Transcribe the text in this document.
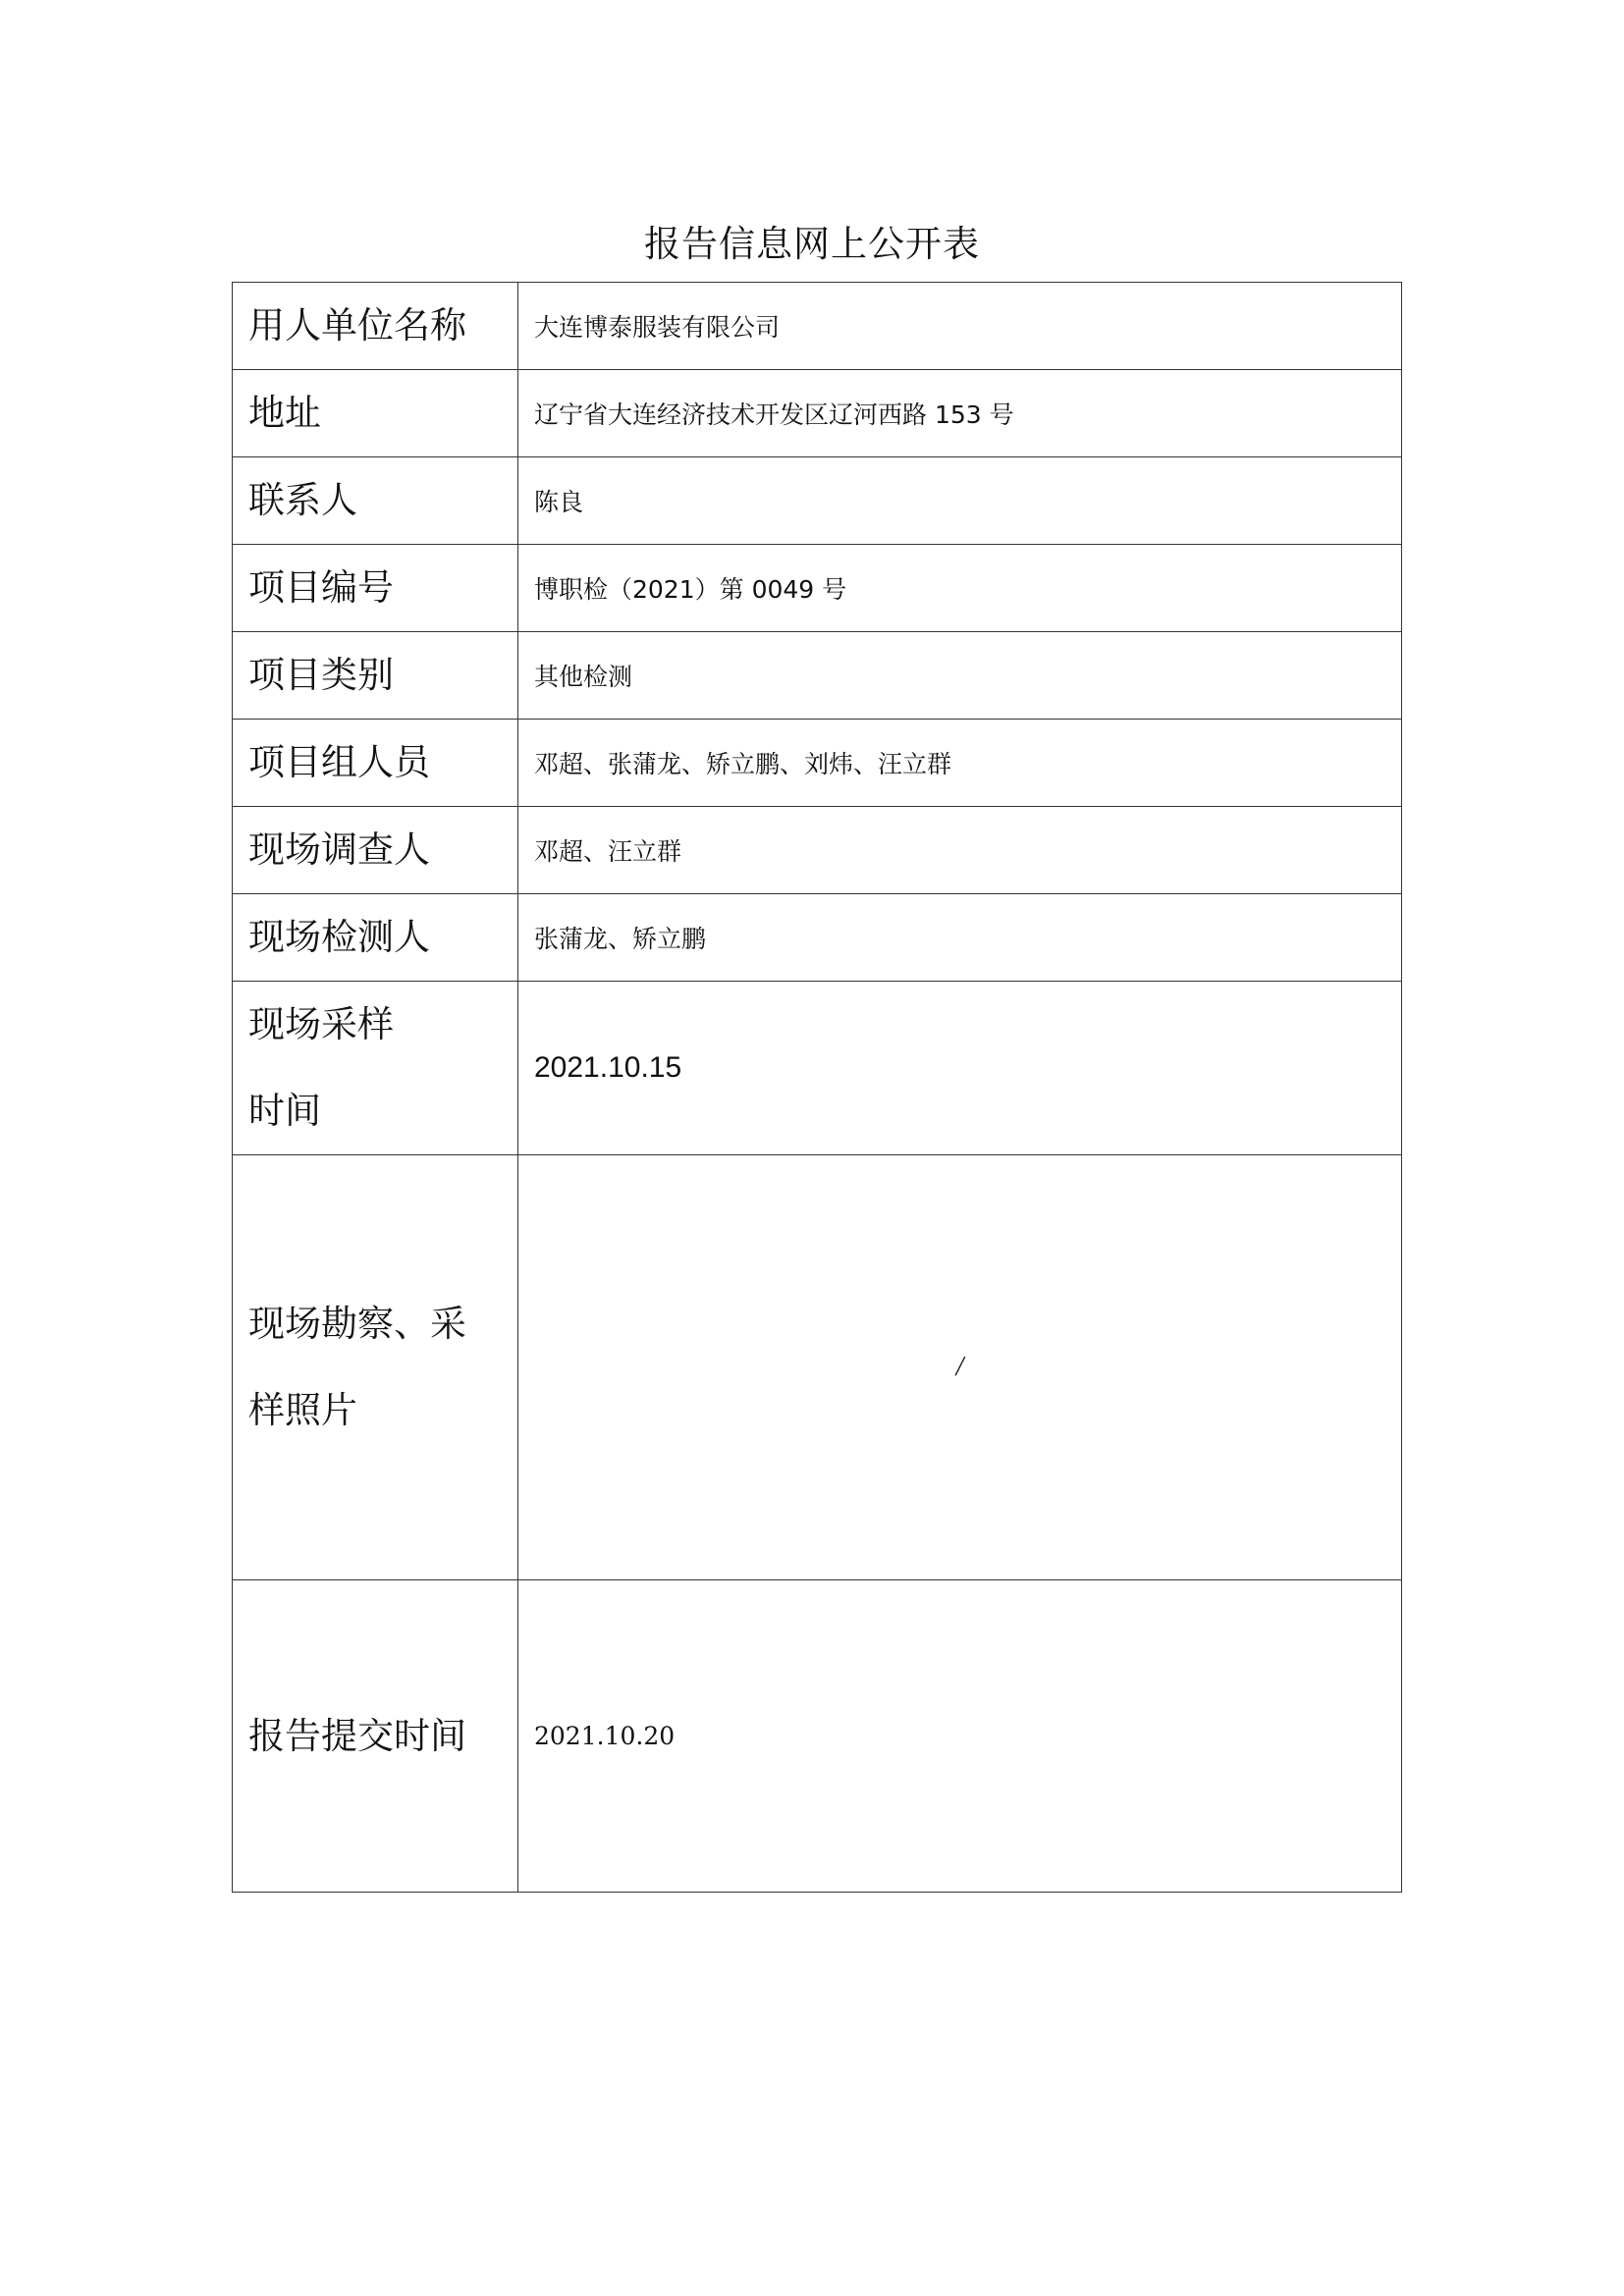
报告信息网上公开表
用人单位名称	大连博泰服装有限公司
地址	辽宁省大连经济技术开发区辽河西路 153 号
联系人	陈良
项目编号	博职检（2021）第 0049 号
项目类别	其他检测
项目组人员	邓超、张蒲龙、矫立鹏、刘炜、汪立群
现场调查人	邓超、汪立群
现场检测人	张蒲龙、矫立鹏

现场采样
时间	2021.10.15

现场勘察、采
样照片	/
报告提交时间	2021.10.20
